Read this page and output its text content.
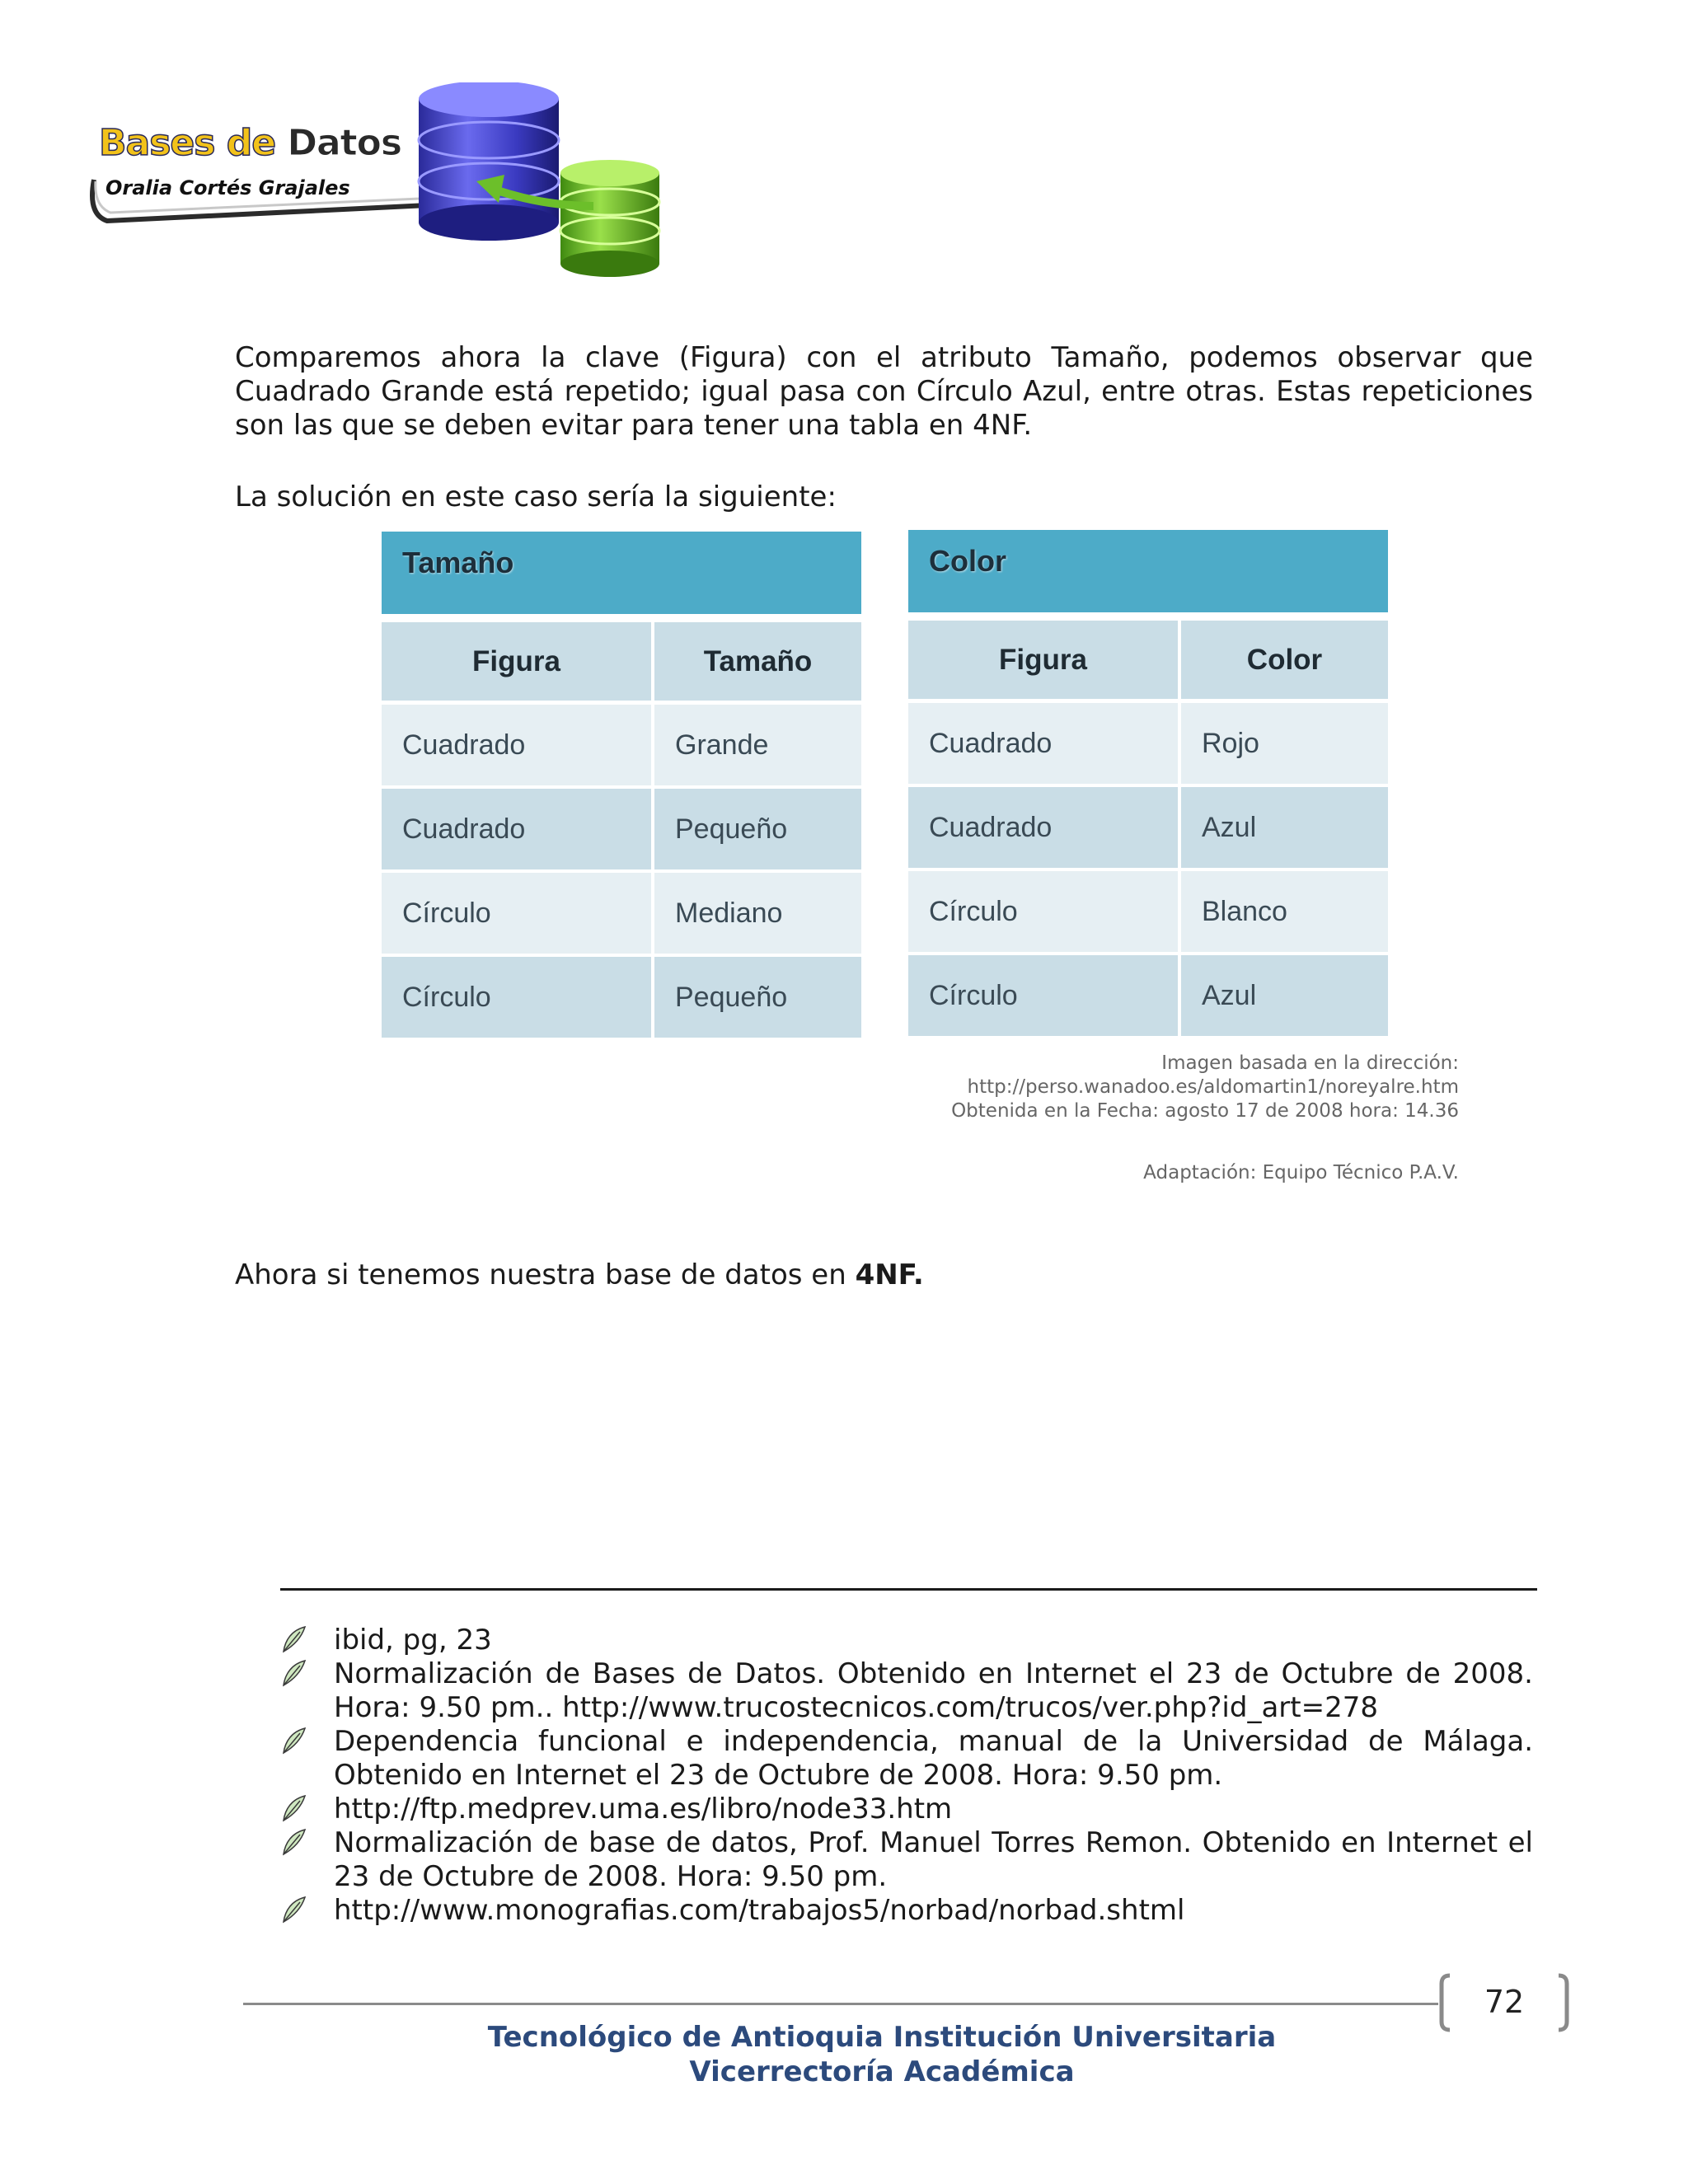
Bases de Datos
Oralia Cortés Grajales

Comparemos ahora la clave (Figura) con el atributo Tamaño, podemos observar que Cuadrado Grande está repetido; igual pasa con Círculo Azul, entre otras. Estas repeticiones son las que se deben evitar para tener una tabla en 4NF.

La solución en este caso sería la siguiente:

Tamaño
Figura	Tamaño
Cuadrado	Grande
Cuadrado	Pequeño
Círculo	Mediano
Círculo	Pequeño
Color
Figura	Color
Cuadrado	Rojo
Cuadrado	Azul
Círculo	Blanco
Círculo	Azul
Imagen basada en la dirección:
http://perso.wanadoo.es/aldomartin1/noreyalre.htm
Obtenida en la Fecha: agosto 17 de 2008 hora: 14.36
Adaptación: Equipo Técnico P.A.V.

Ahora si tenemos nuestra base de datos en 4NF.

ibid, pg, 23
Normalización de Bases de Datos. Obtenido en Internet el 23 de Octubre de 2008. Hora: 9.50 pm.. http://www.trucostecnicos.com/trucos/ver.php?id_art=278
Dependencia funcional e independencia, manual de la Universidad de Málaga. Obtenido en Internet el 23 de Octubre de 2008. Hora: 9.50 pm.
http://ftp.medprev.uma.es/libro/node33.htm
Normalización de base de datos, Prof. Manuel Torres Remon. Obtenido en Internet el 23 de Octubre de 2008. Hora: 9.50 pm.
http://www.monografias.com/trabajos5/norbad/norbad.shtml
72
Tecnológico de Antioquia Institución Universitaria
Vicerrectoría Académica
